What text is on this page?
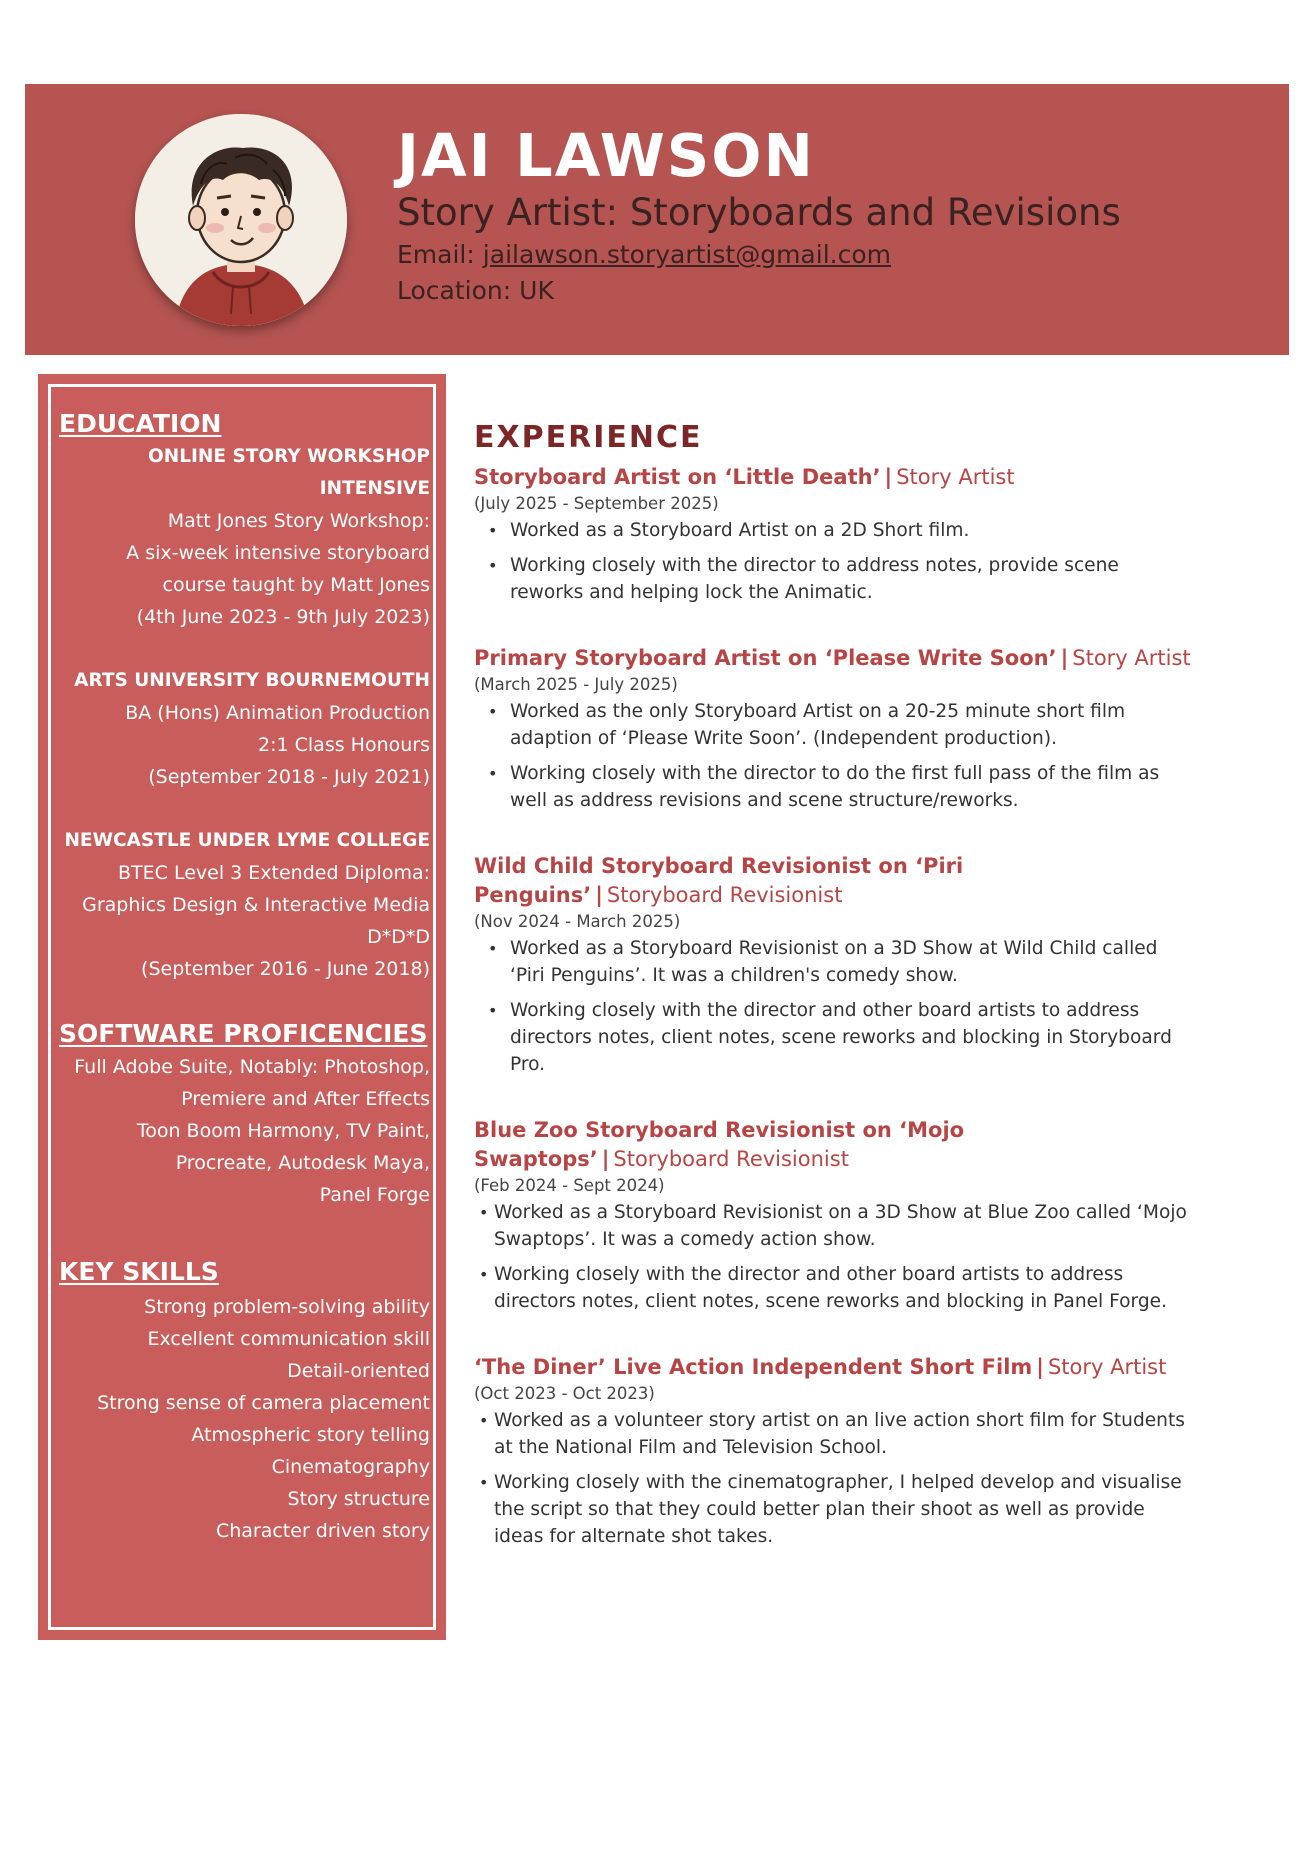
JAI LAWSON
Story Artist: Storyboards and Revisions
Email: jailawson.storyartist@gmail.com
Location: UK
EDUCATION
ONLINE STORY WORKSHOP
INTENSIVE
Matt Jones Story Workshop:
A six-week intensive storyboard
course taught by Matt Jones
(4th June 2023 - 9th July 2023)
ARTS UNIVERSITY BOURNEMOUTH
BA (Hons) Animation Production
2:1 Class Honours
(September 2018 - July 2021)
NEWCASTLE UNDER LYME COLLEGE
BTEC Level 3 Extended Diploma:
Graphics Design & Interactive Media
D*D*D
(September 2016 - June 2018)
SOFTWARE PROFICENCIES
Full Adobe Suite, Notably: Photoshop,
Premiere and After Effects
Toon Boom Harmony, TV Paint,
Procreate, Autodesk Maya,
Panel Forge
KEY SKILLS
Strong problem-solving ability
Excellent communication skill
Detail-oriented
Strong sense of camera placement
Atmospheric story telling
Cinematography
Story structure
Character driven story
EXPERIENCE
Storyboard Artist on ‘Little Death’ | Story Artist
(July 2025 - September 2025)
• Worked as a Storyboard Artist on a 2D Short film.
• Working closely with the director to address notes, provide scene reworks and helping lock the Animatic.
Primary Storyboard Artist on ‘Please Write Soon’ | Story Artist
(March 2025 - July 2025)
• Worked as the only Storyboard Artist on a 20-25 minute short film adaption of ‘Please Write Soon’. (Independent production).
• Working closely with the director to do the first full pass of the film as well as address revisions and scene structure/reworks.
Wild Child Storyboard Revisionist on ‘Piri Penguins’ | Storyboard Revisionist
(Nov 2024 - March 2025)
• Worked as a Storyboard Revisionist on a 3D Show at Wild Child called ‘Piri Penguins’. It was a children's comedy show.
• Working closely with the director and other board artists to address directors notes, client notes, scene reworks and blocking in Storyboard Pro.
Blue Zoo Storyboard Revisionist on ‘Mojo Swaptops’ | Storyboard Revisionist
(Feb 2024 - Sept 2024)
• Worked as a Storyboard Revisionist on a 3D Show at Blue Zoo called ‘Mojo Swaptops’. It was a comedy action show.
• Working closely with the director and other board artists to address directors notes, client notes, scene reworks and blocking in Panel Forge.
‘The Diner’ Live Action Independent Short Film | Story Artist
(Oct 2023 - Oct 2023)
• Worked as a volunteer story artist on an live action short film for Students at the National Film and Television School.
• Working closely with the cinematographer, I helped develop and visualise the script so that they could better plan their shoot as well as provide ideas for alternate shot takes.
